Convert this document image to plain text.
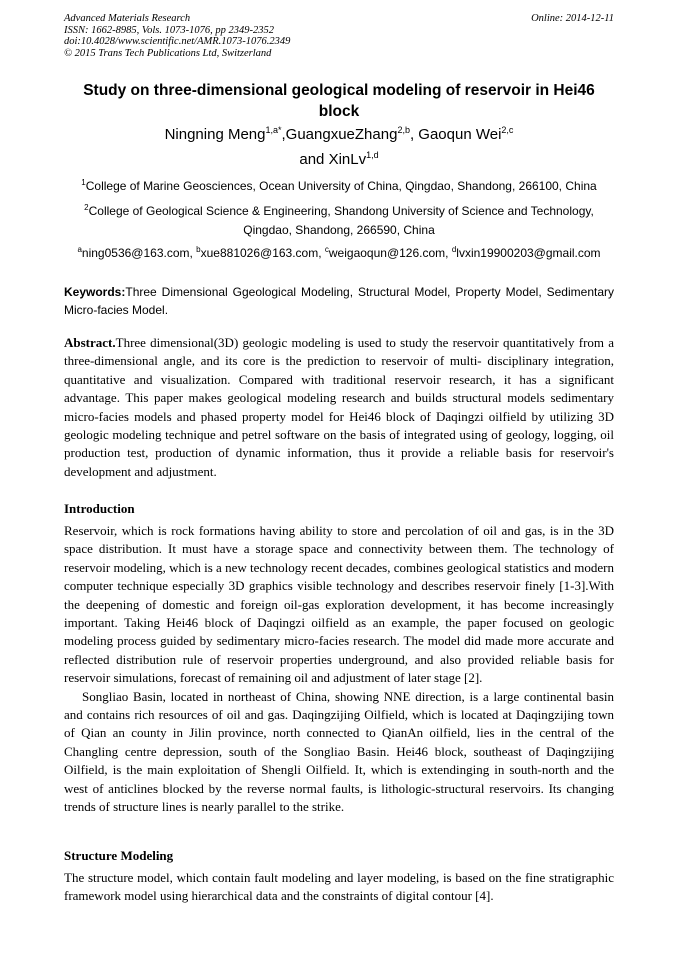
Advanced Materials Research
ISSN: 1662-8985, Vols. 1073-1076, pp 2349-2352
doi:10.4028/www.scientific.net/AMR.1073-1076.2349
© 2015 Trans Tech Publications Ltd, Switzerland
Online: 2014-12-11
Study on three-dimensional geological modeling of reservoir in Hei46 block
Ningning Meng$^{1,a*}$,GuangxueZhang$^{2,b}$, Gaoqun Wei$^{2,c}$
and XinLv$^{1,d}$
$^1$College of Marine Geosciences, Ocean University of China, Qingdao, Shandong, 266100, China
$^2$College of Geological Science & Engineering, Shandong University of Science and Technology, Qingdao, Shandong, 266590, China
$^a$ning0536@163.com, $^b$xue881026@163.com, $^c$weigaoqun@126.com, $^d$lvxin19900203@gmail.com
Keywords:Three Dimensional Ggeological Modeling, Structural Model, Property Model, Sedimentary Micro-facies Model.
Abstract.Three dimensional(3D) geologic modeling is used to study the reservoir quantitatively from a three-dimensional angle, and its core is the prediction to reservoir of multi- disciplinary integration, quantitative and visualization. Compared with traditional reservoir research, it has a significant advantage. This paper makes geological modeling research and builds structural models sedimentary micro-facies models and phased property model for Hei46 block of Daqingzi oilfield by utilizing 3D geologic modeling technique and petrel software on the basis of integrated using of geology, logging, oil production test, production of dynamic information, thus it provide a reliable basis for reservoir's development and adjustment.
Introduction
Reservoir, which is rock formations having ability to store and percolation of oil and gas, is in the 3D space distribution. It must have a storage space and connectivity between them. The technology of reservoir modeling, which is a new technology recent decades, combines geological statistics and modern computer technique especially 3D graphics visible technology and describes reservoir finely [1-3].With the deepening of domestic and foreign oil-gas exploration development, it has become increasingly important. Taking Hei46 block of Daqingzi oilfield as an example, the paper focused on geologic modeling process guided by sedimentary micro-facies research. The model did made more accurate and reflected distribution rule of reservoir properties underground, and also provided reliable basis for reservoir simulations, forecast of remaining oil and adjustment of later stage [2].
Songliao Basin, located in northeast of China, showing NNE direction, is a large continental basin and contains rich resources of oil and gas. Daqingzijing Oilfield, which is located at Daqingzijing town of Qian an county in Jilin province, north connected to QianAn oilfield, lies in the central of the Changling centre depression, south of the Songliao Basin. Hei46 block, southeast of Daqingzijing Oilfield, is the main exploitation of Shengli Oilfield. It, which is extendinging in south-north and the west of anticlines blocked by the reverse normal faults, is lithologic-structural reservoirs. Its changing trends of structure lines is nearly parallel to the strike.
Structure Modeling
The structure model, which contain fault modeling and layer modeling, is based on the fine stratigraphic framework model using hierarchical data and the constraints of digital contour [4].
